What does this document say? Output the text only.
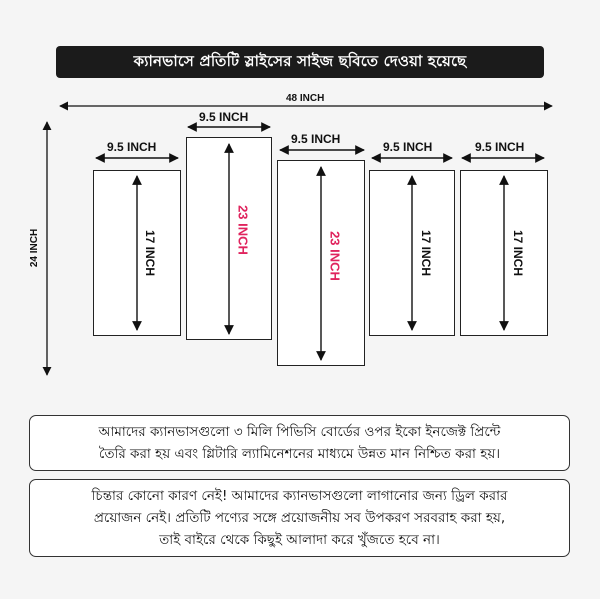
ক্যানভাসে প্রতিটি স্লাইসের সাইজ ছবিতে দেওয়া হয়েছে
48 INCH
24 INCH
9.5 INCH
9.5 INCH
9.5 INCH
9.5 INCH	9.5 INCH
17 INCH	23 INCH
23 INCH	17 INCH	17 INCH
আমাদের ক্যানভাসগুলো ৩ মিলি পিভিসি বোর্ডের ওপর ইকো ইনজেক্ট প্রিন্টে
তৈরি করা হয় এবং গ্লিটারি ল্যামিনেশনের মাধ্যমে উন্নত মান নিশ্চিত করা হয়।
চিন্তার কোনো কারণ নেই! আমাদের ক্যানভাসগুলো লাগানোর জন্য ড্রিল করার
প্রয়োজন নেই। প্রতিটি পণ্যের সঙ্গে প্রয়োজনীয় সব উপকরণ সরবরাহ করা হয়,
তাই বাইরে থেকে কিছুই আলাদা করে খুঁজতে হবে না।
